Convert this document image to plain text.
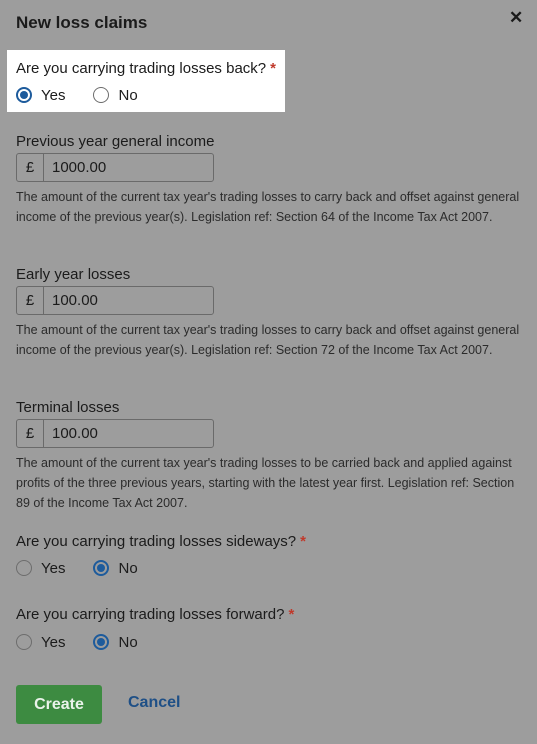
New loss claims	✕
Are you carrying trading losses back? *
Yes	No
Previous year general income
£	1000.00
The amount of the current tax year's trading losses to carry back and offset against general income of the previous year(s). Legislation ref: Section 64 of the Income Tax Act 2007.
Early year losses
£	100.00
The amount of the current tax year's trading losses to carry back and offset against general income of the previous year(s). Legislation ref: Section 72 of the Income Tax Act 2007.
Terminal losses
£	100.00
The amount of the current tax year's trading losses to be carried back and applied against profits of the three previous years, starting with the latest year first. Legislation ref: Section 89 of the Income Tax Act 2007.
Are you carrying trading losses sideways? *
Yes	No
Are you carrying trading losses forward? *
Yes	No
Create	Cancel
